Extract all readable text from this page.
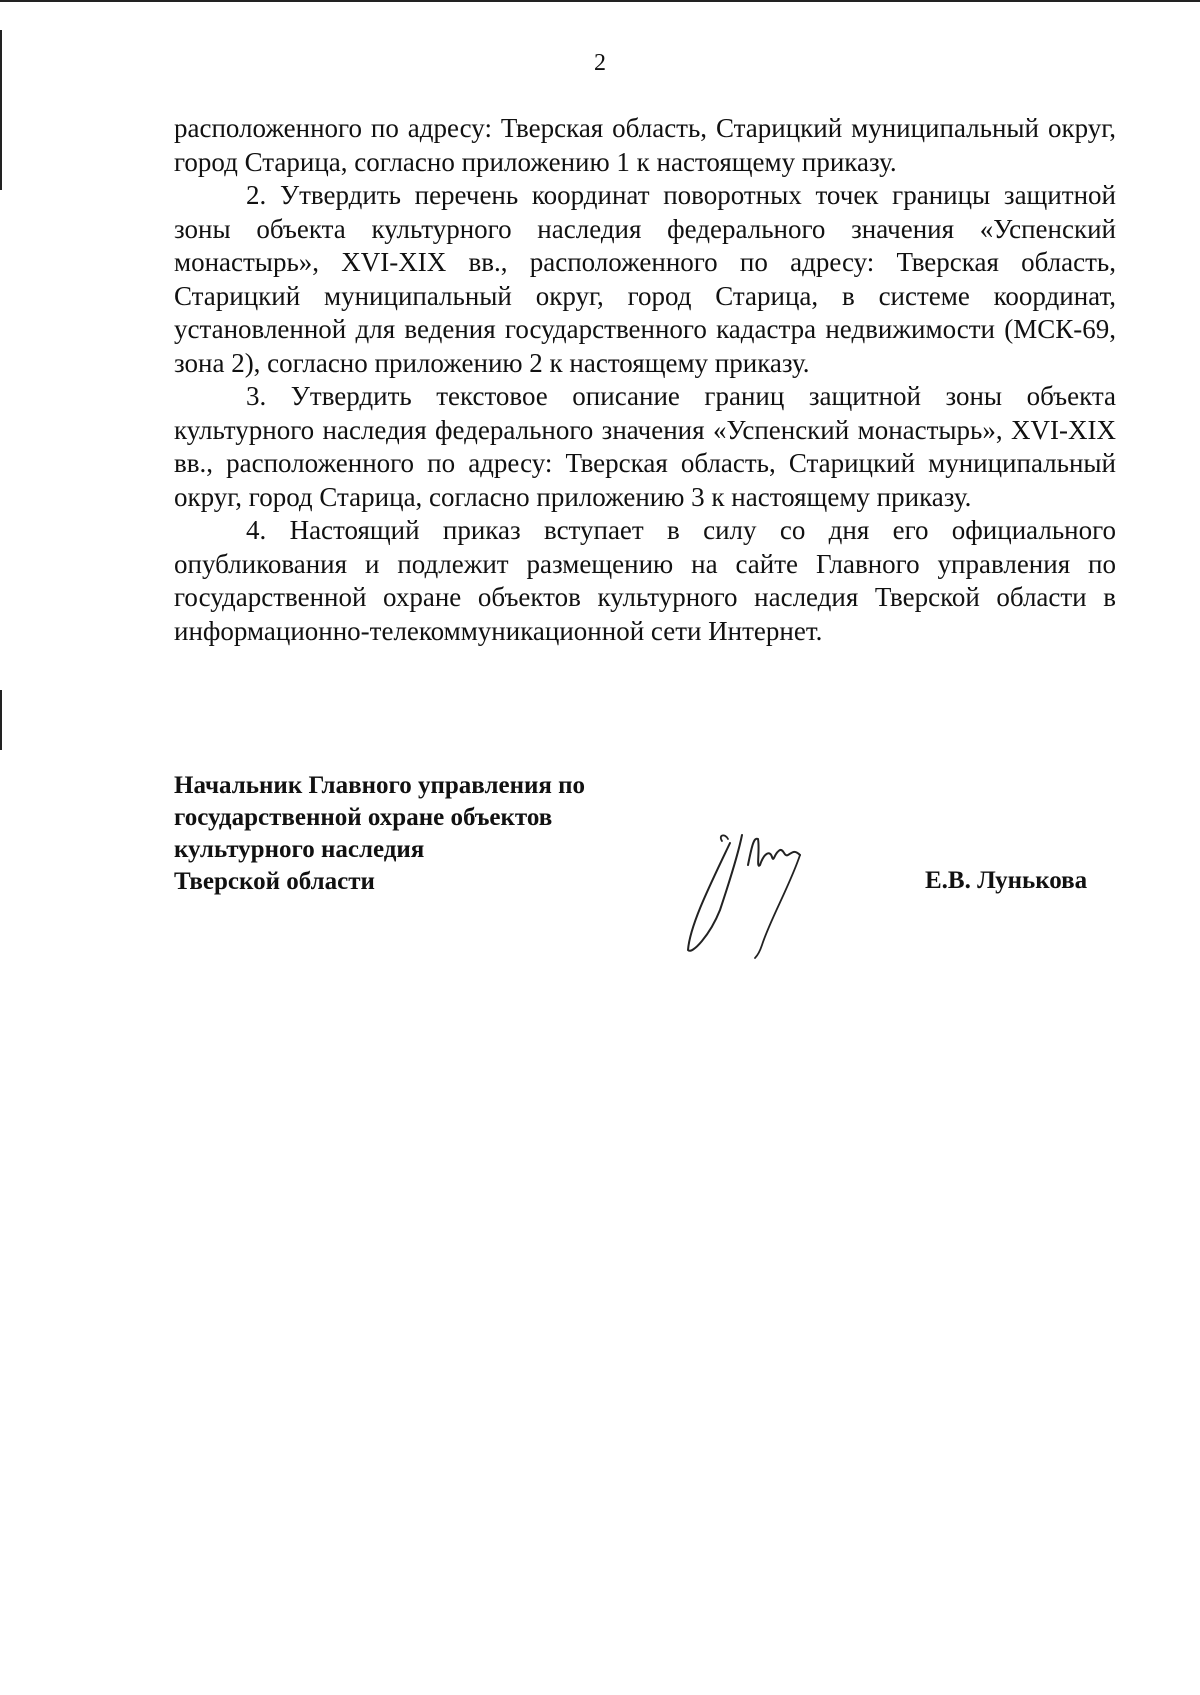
2

расположенного по адресу: Тверская область, Старицкий муниципальный округ, город Старица, согласно приложению 1 к настоящему приказу.

2. Утвердить перечень координат поворотных точек границы защитной зоны объекта культурного наследия федерального значения «Успенский монастырь», XVI-XIX вв., расположенного по адресу: Тверская область, Старицкий муниципальный округ, город Старица, в системе координат, установленной для ведения государственного кадастра недвижимости (МСК-69, зона 2), согласно приложению 2 к настоящему приказу.

3. Утвердить текстовое описание границ защитной зоны объекта культурного наследия федерального значения «Успенский монастырь», XVI-XIX вв., расположенного по адресу: Тверская область, Старицкий муниципальный округ, город Старица, согласно приложению 3 к настоящему приказу.

4. Настоящий приказ вступает в силу со дня его официального опубликования и подлежит размещению на сайте Главного управления по государственной охране объектов культурного наследия Тверской области в информационно-телекоммуникационной сети Интернет.

Начальник Главного управления по
государственной охране объектов
культурного наследия
Тверской области	Е.В. Лунькова
